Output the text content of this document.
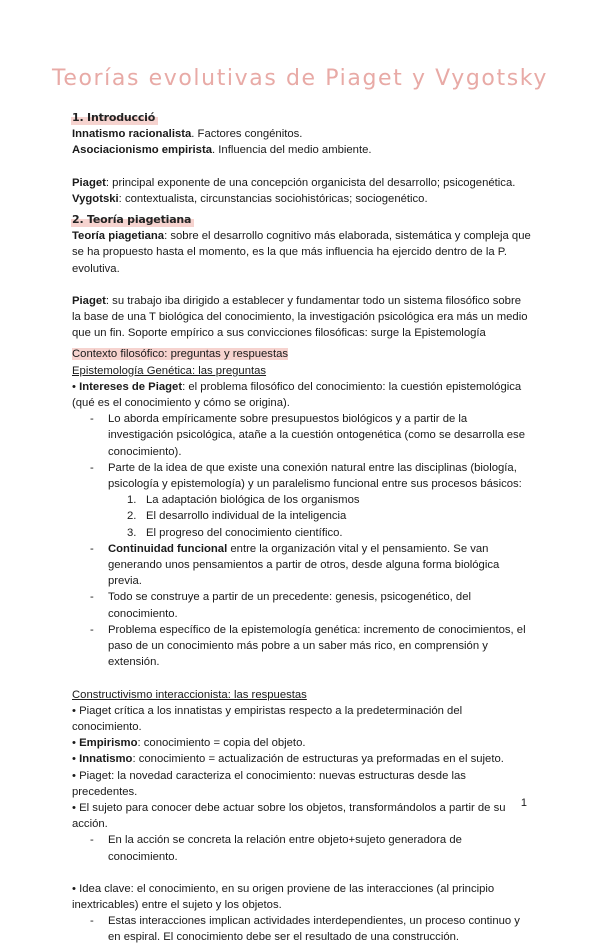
Teorías evolutivas de Piaget y Vygotsky
1. Introducció

Innatismo racionalista. Factores congénitos.

Asociacionismo empirista. Influencia del medio ambiente.

Piaget: principal exponente de una concepción organicista del desarrollo; psicogenética.

Vygotski: contextualista, circunstancias sociohistóricas; sociogenético.

2. Teoría piagetiana

Teoría piagetiana: sobre el desarrollo cognitivo más elaborada, sistemática y compleja que se ha propuesto hasta el momento, es la que más influencia ha ejercido dentro de la P. evolutiva.

Piaget: su trabajo iba dirigido a establecer y fundamentar todo un sistema filosófico sobre la base de una T biológica del conocimiento, la investigación psicológica era más un medio que un fin. Soporte empírico a sus convicciones filosóficas: surge la Epistemología

Contexto filosófico: preguntas y respuestas

Epistemología Genética: las preguntas

• Intereses de Piaget: el problema filosófico del conocimiento: la cuestión epistemológica (qué es el conocimiento y cómo se origina).

- Lo aborda empíricamente sobre presupuestos biológicos y a partir de la investigación psicológica, atañe a la cuestión ontogenética (como se desarrolla ese conocimiento).

- Parte de la idea de que existe una conexión natural entre las disciplinas (biología, psicología y epistemología) y un paralelismo funcional entre sus procesos básicos:

1. La adaptación biológica de los organismos

2. El desarrollo individual de la inteligencia

3. El progreso del conocimiento científico.

- Continuidad funcional entre la organización vital y el pensamiento. Se van generando unos pensamientos a partir de otros, desde alguna forma biológica previa.

- Todo se construye a partir de un precedente: genesis, psicogenético, del conocimiento.

- Problema específico de la epistemología genética: incremento de conocimientos, el paso de un conocimiento más pobre a un saber más rico, en comprensión y extensión.

Constructivismo interaccionista: las respuestas

• Piaget crítica a los innatistas y empiristas respecto a la predeterminación del conocimiento.

• Empirismo: conocimiento = copia del objeto.

• Innatismo: conocimiento = actualización de estructuras ya preformadas en el sujeto.

• Piaget: la novedad caracteriza el conocimiento: nuevas estructuras desde las precedentes.

• El sujeto para conocer debe actuar sobre los objetos, transformándolos a partir de su acción.

- En la acción se concreta la relación entre objeto+sujeto generadora de conocimiento.

• Idea clave: el conocimiento, en su origen proviene de las interacciones (al principio inextricables) entre el sujeto y los objetos.

- Estas interacciones implican actividades interdependientes, un proceso continuo y en espiral. El conocimiento debe ser el resultado de una construcción.

1
